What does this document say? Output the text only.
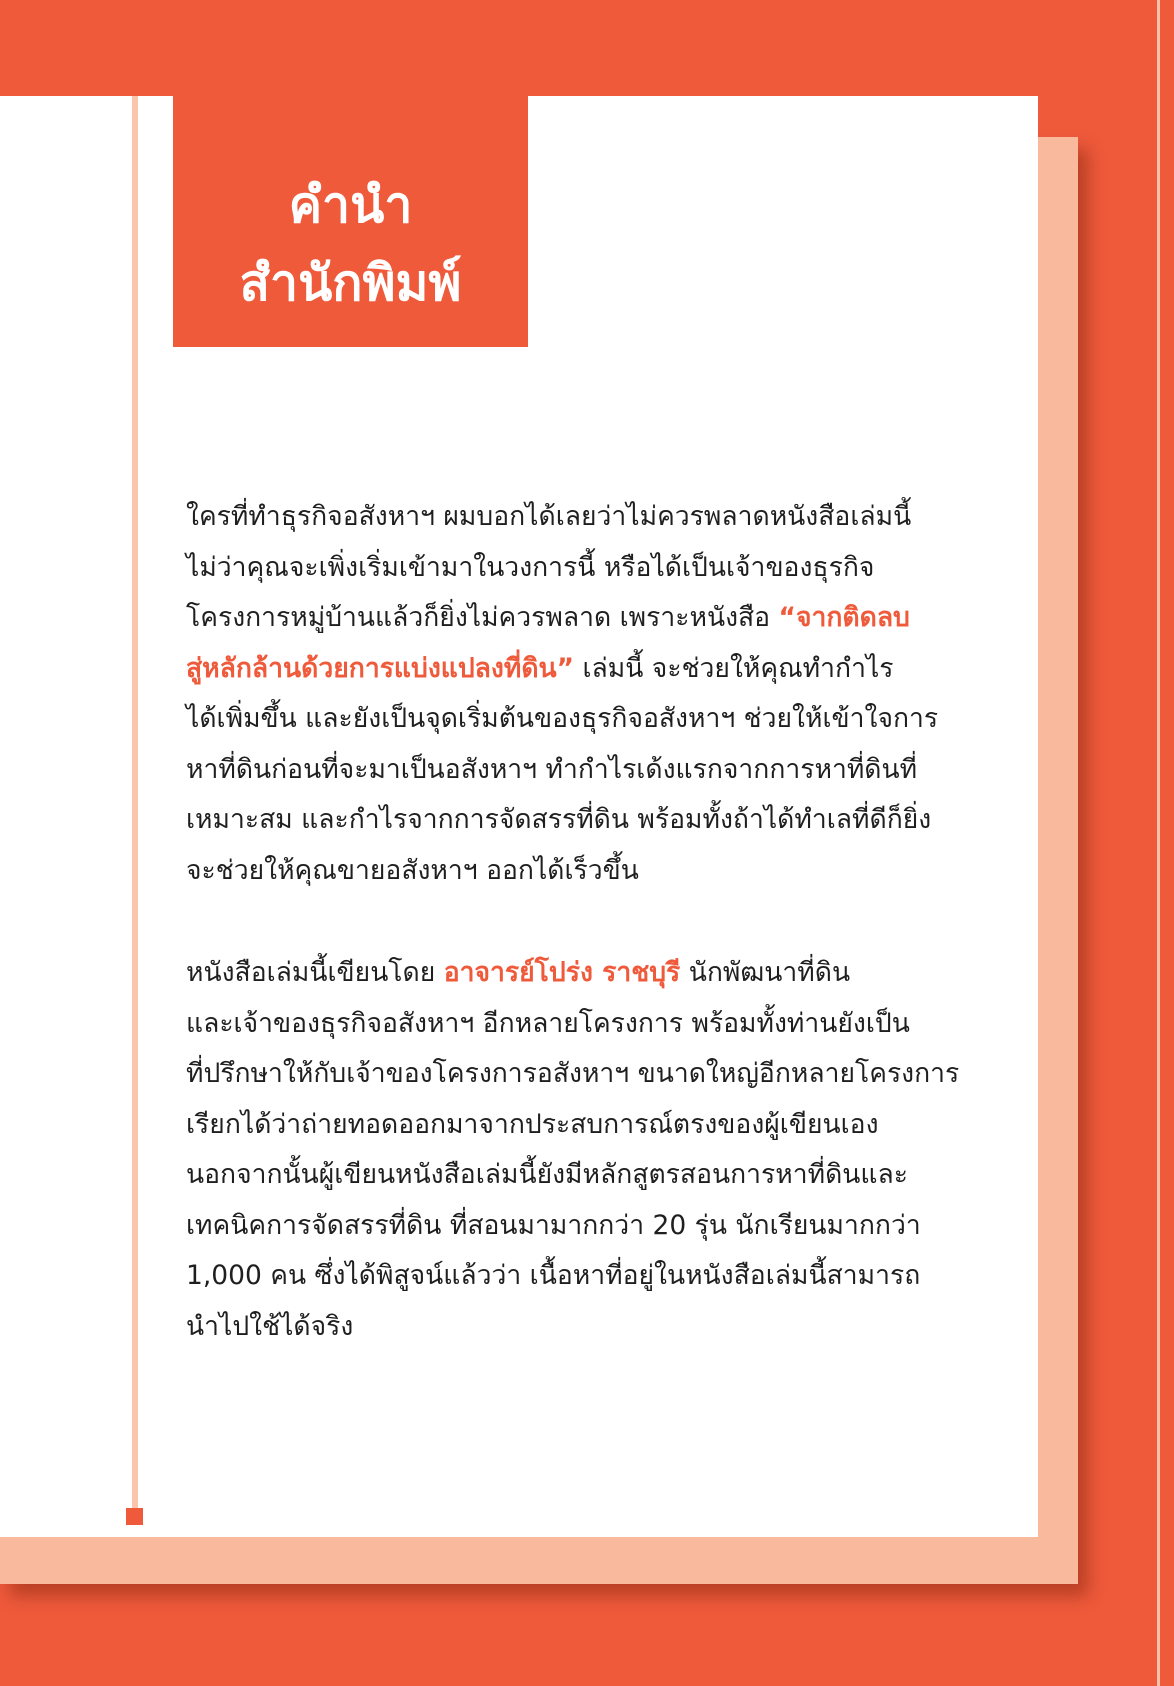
คำนำ
สำนักพิมพ์

ใครที่ทำธุรกิจอสังหาฯ ผมบอกได้เลยว่าไม่ควรพลาดหนังสือเล่มนี้
ไม่ว่าคุณจะเพิ่งเริ่มเข้ามาในวงการนี้ หรือได้เป็นเจ้าของธุรกิจ
โครงการหมู่บ้านแล้วก็ยิ่งไม่ควรพลาด เพราะหนังสือ “จากติดลบ
สู่หลักล้านด้วยการแบ่งแปลงที่ดิน” เล่มนี้ จะช่วยให้คุณทำกำไร
ได้เพิ่มขึ้น และยังเป็นจุดเริ่มต้นของธุรกิจอสังหาฯ ช่วยให้เข้าใจการ
หาที่ดินก่อนที่จะมาเป็นอสังหาฯ ทำกำไรเด้งแรกจากการหาที่ดินที่
เหมาะสม และกำไรจากการจัดสรรที่ดิน พร้อมทั้งถ้าได้ทำเลที่ดีก็ยิ่ง
จะช่วยให้คุณขายอสังหาฯ ออกได้เร็วขึ้น

หนังสือเล่มนี้เขียนโดย อาจารย์โปร่ง ราชบุรี นักพัฒนาที่ดิน
และเจ้าของธุรกิจอสังหาฯ อีกหลายโครงการ พร้อมทั้งท่านยังเป็น
ที่ปรึกษาให้กับเจ้าของโครงการอสังหาฯ ขนาดใหญ่อีกหลายโครงการ
เรียกได้ว่าถ่ายทอดออกมาจากประสบการณ์ตรงของผู้เขียนเอง
นอกจากนั้นผู้เขียนหนังสือเล่มนี้ยังมีหลักสูตรสอนการหาที่ดินและ
เทคนิคการจัดสรรที่ดิน ที่สอนมามากกว่า 20 รุ่น นักเรียนมากกว่า
1,000 คน ซึ่งได้พิสูจน์แล้วว่า เนื้อหาที่อยู่ในหนังสือเล่มนี้สามารถ
นำไปใช้ได้จริง
